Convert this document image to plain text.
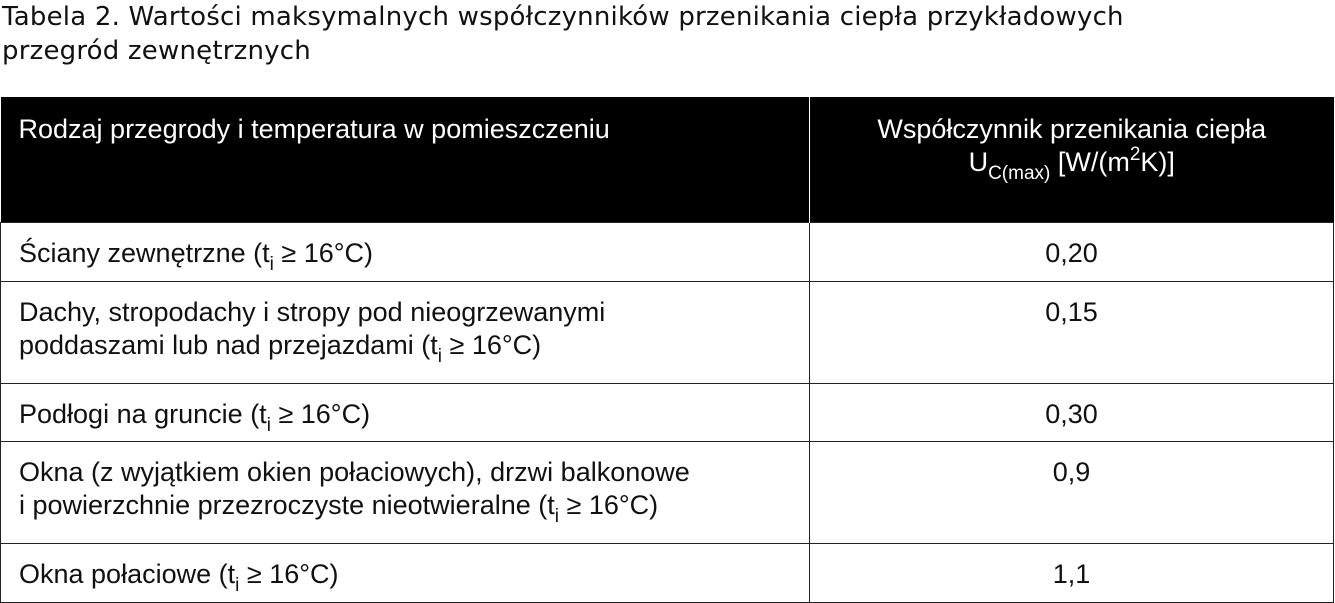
Tabela 2. Wartości maksymalnych współczynników przenikania ciepła przykładowych
przegród zewnętrznych
Rodzaj przegrody i temperatura w pomieszczeniu	Współczynnik przenikania ciepła
$U_{C(max)}$ $[W/(m^2K)]$

Ściany zewnętrzne $(t_i \ge 16^\circ C)$	0,20

Dachy, stropodachy i stropy pod nieogrzewanymi
poddaszami lub nad przejazdami $(t_i \ge 16^\circ C)$	0,15

Podłogi na gruncie $(t_i \ge 16^\circ C)$	0,30

Okna (z wyjątkiem okien połaciowych), drzwi balkonowe
i powierzchnie przezroczyste nieotwieralne $(t_i \ge 16^\circ C)$	0,9

Okna połaciowe $(t_i \ge 16^\circ C)$	1,1
